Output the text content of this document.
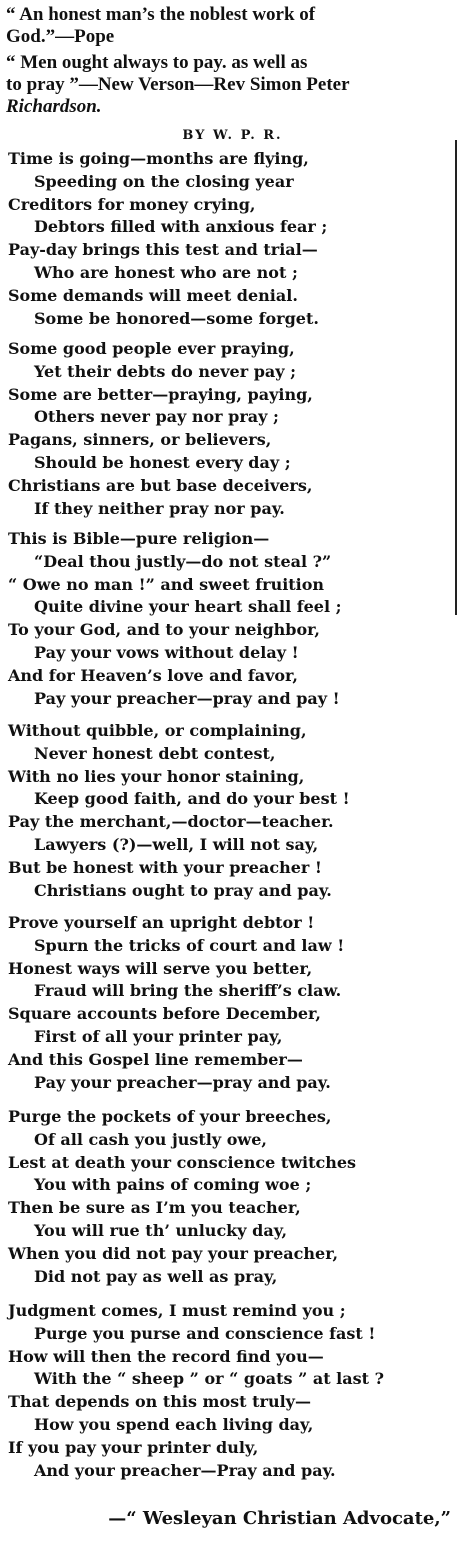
“ An honest man’s the noblest work of
God.”—Pope
“ Men ought always to pay. as well as
to pray ”—New Verson—Rev Simon Peter
Richardson.
BY W. P. R.
Time is going—months are flying,
Speeding on the closing year
Creditors for money crying,
Debtors filled with anxious fear ;
Pay-day brings this test and trial—
Who are honest who are not ;
Some demands will meet denial.
Some be honored—some forget.
Some good people ever praying,
Yet their debts do never pay ;
Some are better—praying, paying,
Others never pay nor pray ;
Pagans, sinners, or believers,
Should be honest every day ;
Christians are but base deceivers,
If they neither pray nor pay.
This is Bible—pure religion—
“Deal thou justly—do not steal ?”
“ Owe no man !” and sweet fruition
Quite divine your heart shall feel ;
To your God, and to your neighbor,
Pay your vows without delay !
And for Heaven’s love and favor,
Pay your preacher—pray and pay !
Without quibble, or complaining,
Never honest debt contest,
With no lies your honor staining,
Keep good faith, and do your best !
Pay the merchant,—doctor—teacher.
Lawyers (?)—well, I will not say,
But be honest with your preacher !
Christians ought to pray and pay.
Prove yourself an upright debtor !
Spurn the tricks of court and law !
Honest ways will serve you better,
Fraud will bring the sheriff’s claw.
Square accounts before December,
First of all your printer pay,
And this Gospel line remember—
Pay your preacher—pray and pay.
Purge the pockets of your breeches,
Of all cash you justly owe,
Lest at death your conscience twitches
You with pains of coming woe ;
Then be sure as I’m you teacher,
You will rue th’ unlucky day,
When you did not pay your preacher,
Did not pay as well as pray,
Judgment comes, I must remind you ;
Purge you purse and conscience fast !
How will then the record find you—
With the “ sheep ” or “ goats ” at last ?
That depends on this most truly—
How you spend each living day,
If you pay your printer duly,
And your preacher—Pray and pay.
—“ Wesleyan Christian Advocate,”
